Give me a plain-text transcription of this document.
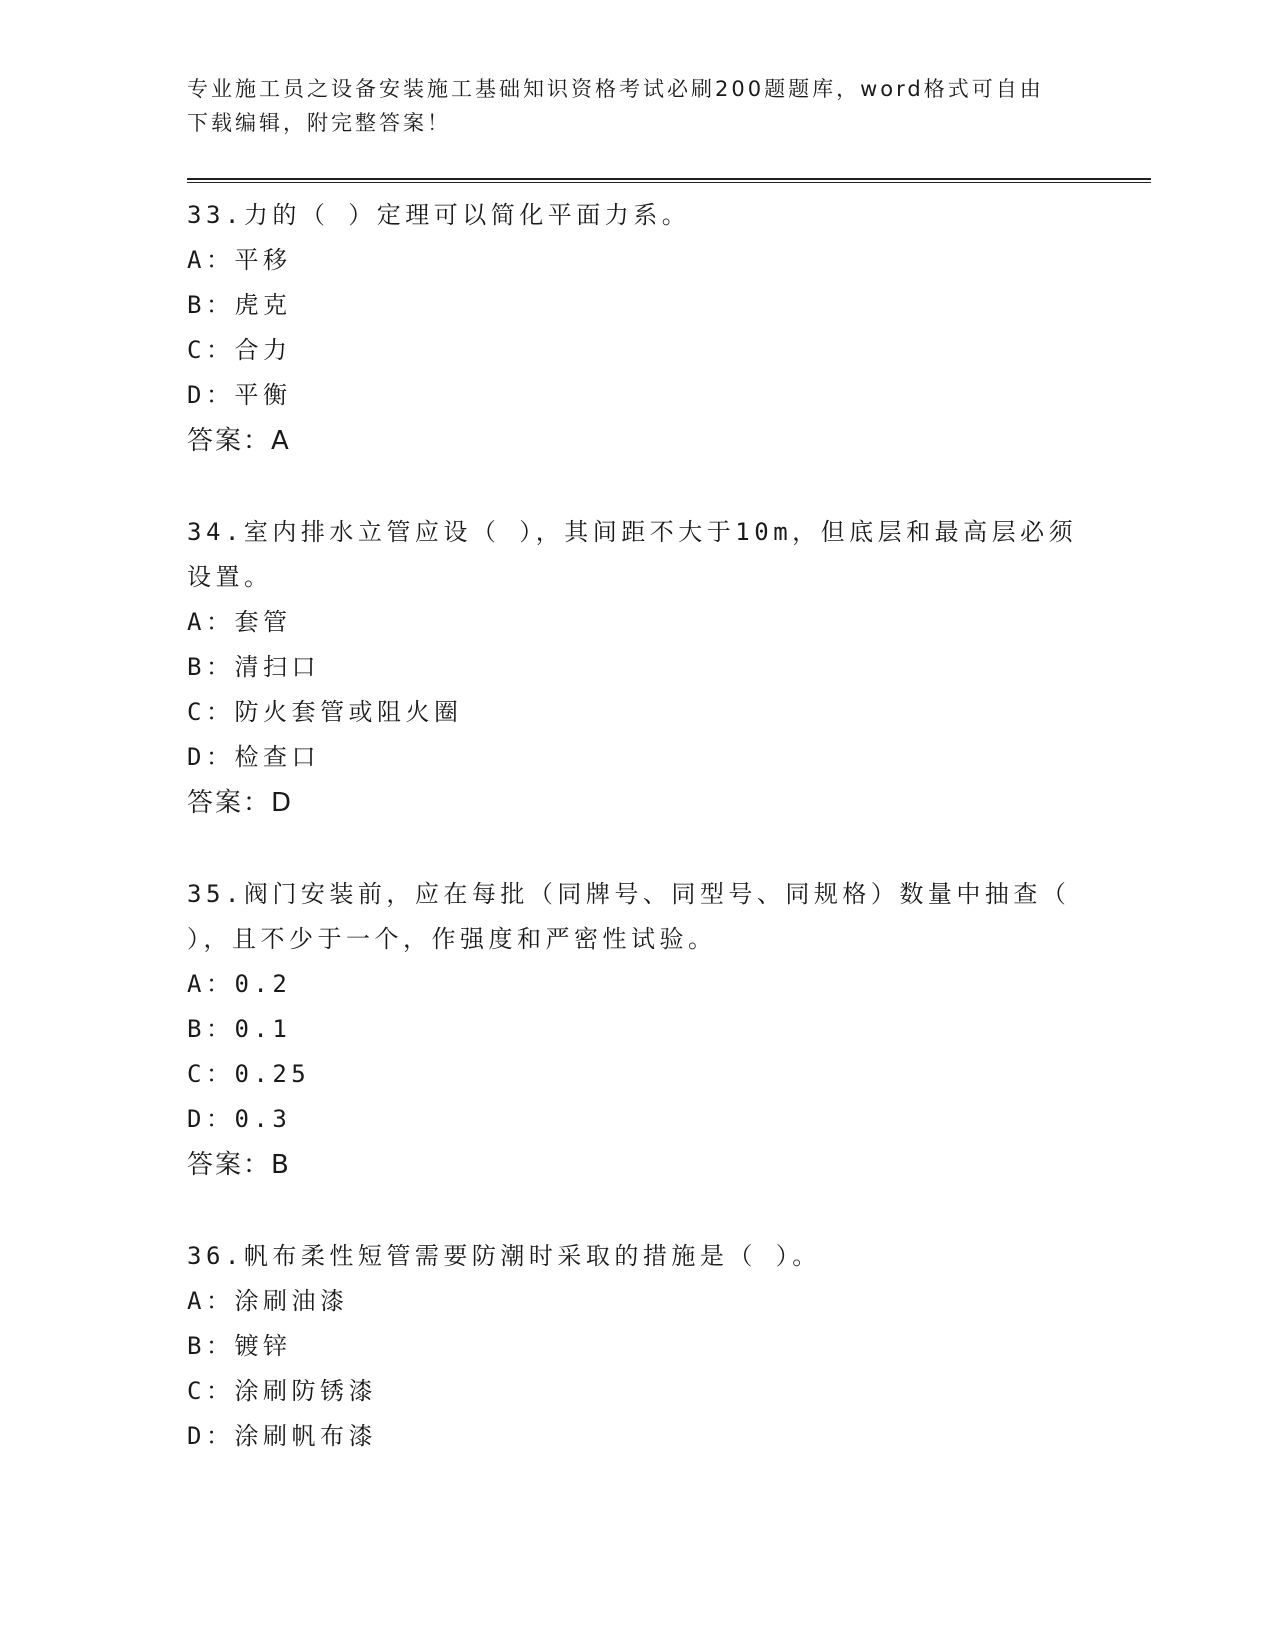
专业施工员之设备安装施工基础知识资格考试必刷200题题库，word格式可自由下载编辑，附完整答案！

33.力的（ ）定理可以简化平面力系。

A：平移
B：虎克
C：合力
D：平衡

答案：A

34.室内排水立管应设（ ），其间距不大于10m，但底层和最高层必须设置。

A：套管
B：清扫口
C：防火套管或阻火圈
D：检查口

答案：D

35.阀门安装前，应在每批（同牌号、同型号、同规格）数量中抽查（ ），且不少于一个，作强度和严密性试验。

A：0.2
B：0.1
C：0.25
D：0.3

答案：B

36.帆布柔性短管需要防潮时采取的措施是（ ）。

A：涂刷油漆
B：镀锌
C：涂刷防锈漆
D：涂刷帆布漆
